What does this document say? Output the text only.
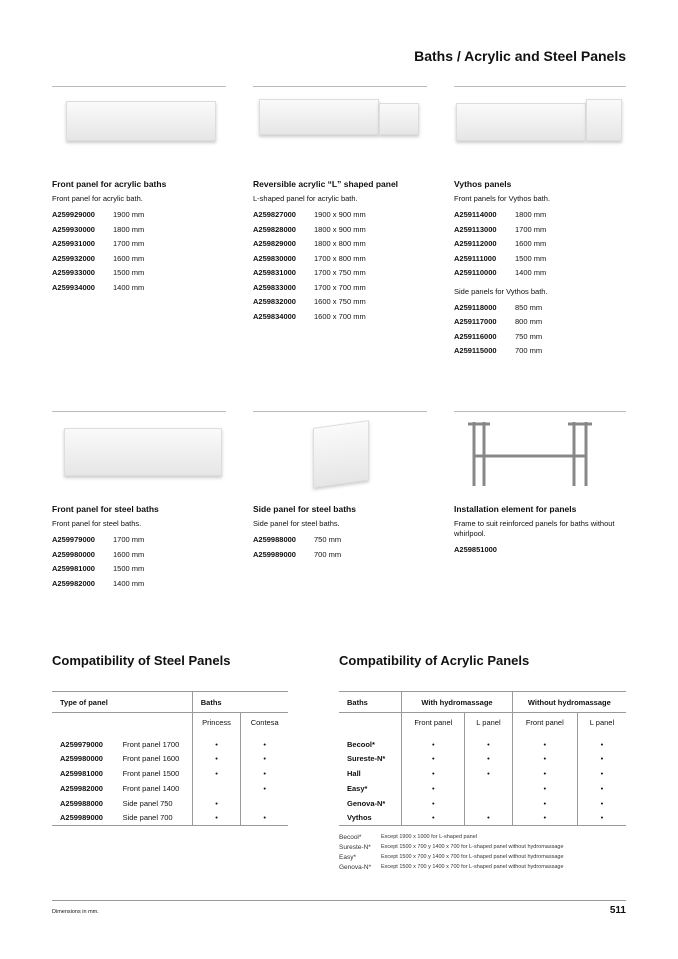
Baths / Acrylic and Steel Panels
Front panel for acrylic baths
Front panel for acrylic bath.
A259929000	1900 mm
A259930000	1800 mm
A259931000	1700 mm
A259932000	1600 mm
A259933000	1500 mm
A259934000	1400 mm
Reversible acrylic “L” shaped panel
L-shaped panel for acrylic bath.
A259827000	1900 x 900 mm
A259828000	1800 x 900 mm
A259829000	1800 x 800 mm
A259830000	1700 x 800 mm
A259831000	1700 x 750 mm
A259833000	1700 x 700 mm
A259832000	1600 x 750 mm
A259834000	1600 x 700 mm
Vythos panels
Front panels for Vythos bath.
A259114000	1800 mm
A259113000	1700 mm
A259112000	1600 mm
A259111000	1500 mm
A259110000	1400 mm
Side panels for Vythos bath.
A259118000	850 mm
A259117000	800 mm
A259116000	750 mm
A259115000	700 mm
Front panel for steel baths
Front panel for steel baths.
A259979000	1700 mm
A259980000	1600 mm
A259981000	1500 mm
A259982000	1400 mm
Side panel for steel baths
Side panel for steel baths.
A259988000	750 mm
A259989000	700 mm
Installation element for panels
Frame to suit reinforced panels for baths without whirlpool.
A259851000
Compatibility of Steel Panels	Compatibility of Acrylic Panels
Type of panel		Baths	
		Princess	Contesa
A259979000	Front panel 1700	•	•
A259980000	Front panel 1600	•	•
A259981000	Front panel 1500	•	•
A259982000	Front panel 1400		•
A259988000	Side panel 750	•	
A259989000	Side panel 700	•	•
Baths	With hydromassage		Without hydromassage	
	Front panel	L panel	Front panel	L panel
Becool*	•	•	•	•
Sureste-N*	•	•	•	•
Hall	•	•	•	•
Easy*	•		•	•
Genova-N*	•		•	•
Vythos	•	•	•	•
Becool*	Except 1900 x 1000 for L-shaped panel
Sureste-N*	Except 1500 x 700 y 1400 x 700 for L-shaped panel without hydromassage
Easy*	Except 1500 x 700 y 1400 x 700 for L-shaped panel without hydromassage
Genova-N*	Except 1500 x 700 y 1400 x 700 for L-shaped panel without hydromassage
Dimensions in mm.	511
